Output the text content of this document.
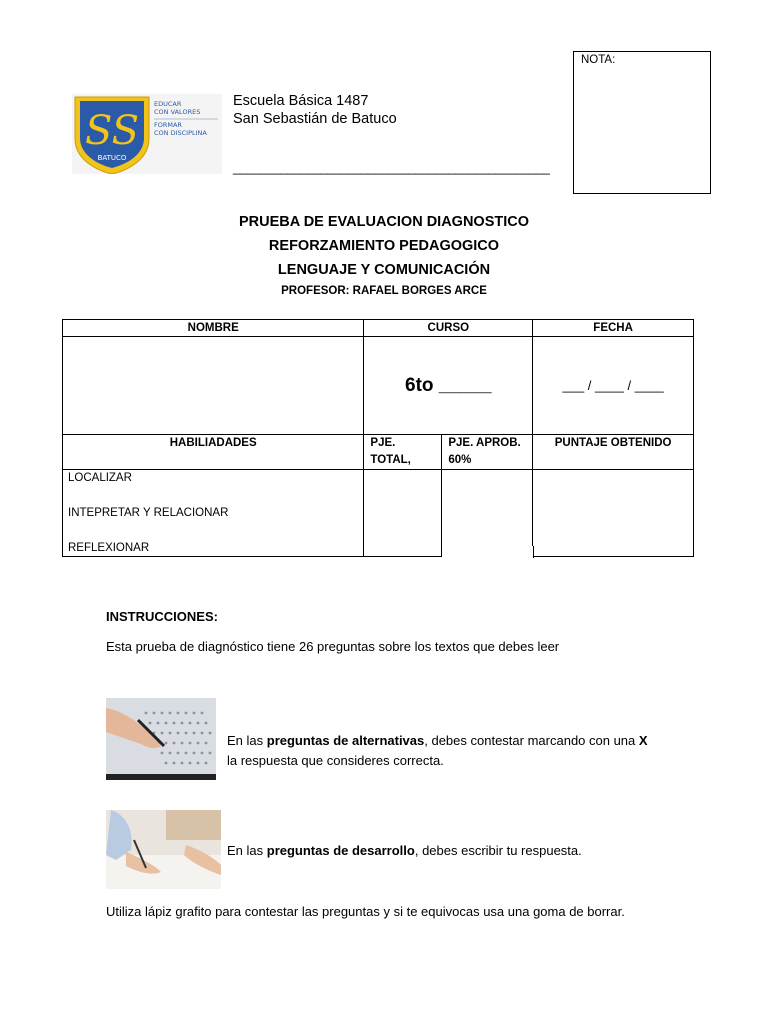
SS
BATUCO
EDUCAR
CON VALORES
FORMAR
CON DISCIPLINA
Escuela Básica 1487
San Sebastián de Batuco
_______________________________________________
NOTA:
PRUEBA DE EVALUACION DIAGNOSTICO
REFORZAMIENTO PEDAGOGICO
LENGUAJE Y COMUNICACIÓN
PROFESOR: RAFAEL BORGES ARCE
NOMBRE	CURSO		FECHA
	6to _____		___ / ____ / ____
HABILIADADES	PJE. TOTAL,	PJE. APROB. 60%	PUNTAJE OBTENIDO

LOCALIZAR
INTEPRETAR Y RELACIONAR
REFLEXIONAR
INSTRUCCIONES:
Esta prueba de diagnóstico tiene 26 preguntas sobre los textos que debes leer
En las preguntas de alternativas, debes contestar marcando con una X
la respuesta que consideres correcta.
En las preguntas de desarrollo, debes escribir tu respuesta.
Utiliza lápiz grafito para contestar las preguntas y si te equivocas usa una goma de borrar.
